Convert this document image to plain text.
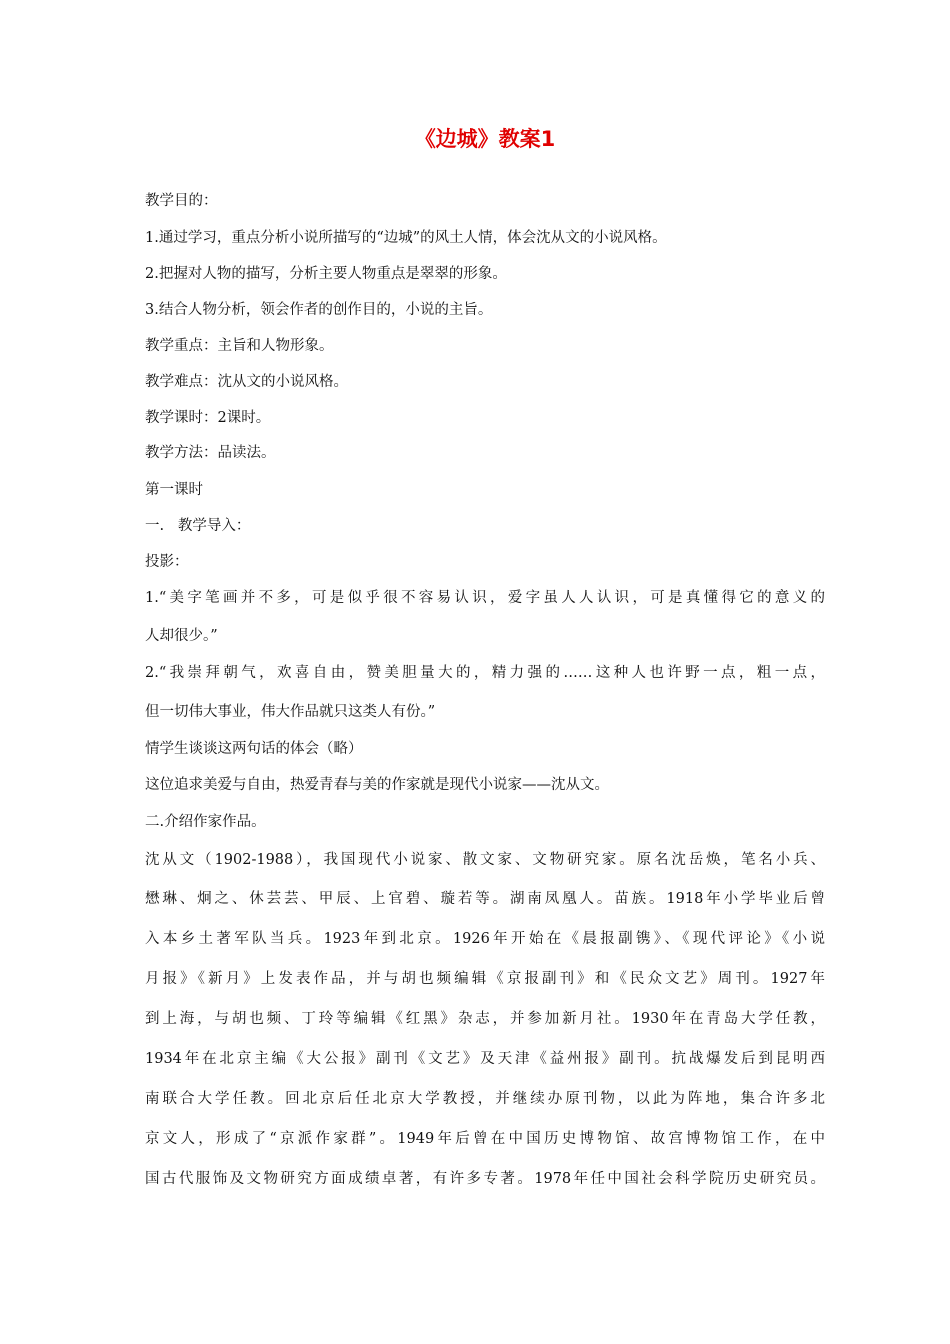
《边城》教案1

教学目的：

1.通过学习，重点分析小说所描写的“边城”的风土人情，体会沈从文的小说风格。

2.把握对人物的描写，分析主要人物重点是翠翠的形象。

3.结合人物分析，领会作者的创作目的，小说的主旨。

教学重点：主旨和人物形象。

教学难点：沈从文的小说风格。

教学课时：2课时。

教学方法：品读法。

第一课时

一.   教学导入：

投影：

1.“美字笔画并不多，可是似乎很不容易认识，爱字虽人人认识，可是真懂得它的意义的

人却很少。”

2.“我崇拜朝气，欢喜自由，赞美胆量大的，精力强的……这种人也许野一点，粗一点，

但一切伟大事业，伟大作品就只这类人有份。”

情学生谈谈这两句话的体会（略）

这位追求美爱与自由，热爱青春与美的作家就是现代小说家——沈从文。

二.介绍作家作品。

沈从文（1902-1988），我国现代小说家、散文家、文物研究家。原名沈岳焕，笔名小兵、

懋琳、炯之、休芸芸、甲辰、上官碧、璇若等。湖南凤凰人。苗族。1918年小学毕业后曾

入本乡土著军队当兵。1923年到北京。1926年开始在《晨报副镌》、《现代评论》《小说

月报》《新月》上发表作品，并与胡也频编辑《京报副刊》和《民众文艺》周刊。1927年

到上海，与胡也频、丁玲等编辑《红黑》杂志，并参加新月社。1930年在青岛大学任教，

1934年在北京主编《大公报》副刊《文艺》及天津《益州报》副刊。抗战爆发后到昆明西

南联合大学任教。回北京后任北京大学教授，并继续办原刊物，以此为阵地，集合许多北

京文人，形成了“京派作家群”。1949年后曾在中国历史博物馆、故宫博物馆工作，在中

国古代服饰及文物研究方面成绩卓著，有许多专著。1978年任中国社会科学院历史研究员。
